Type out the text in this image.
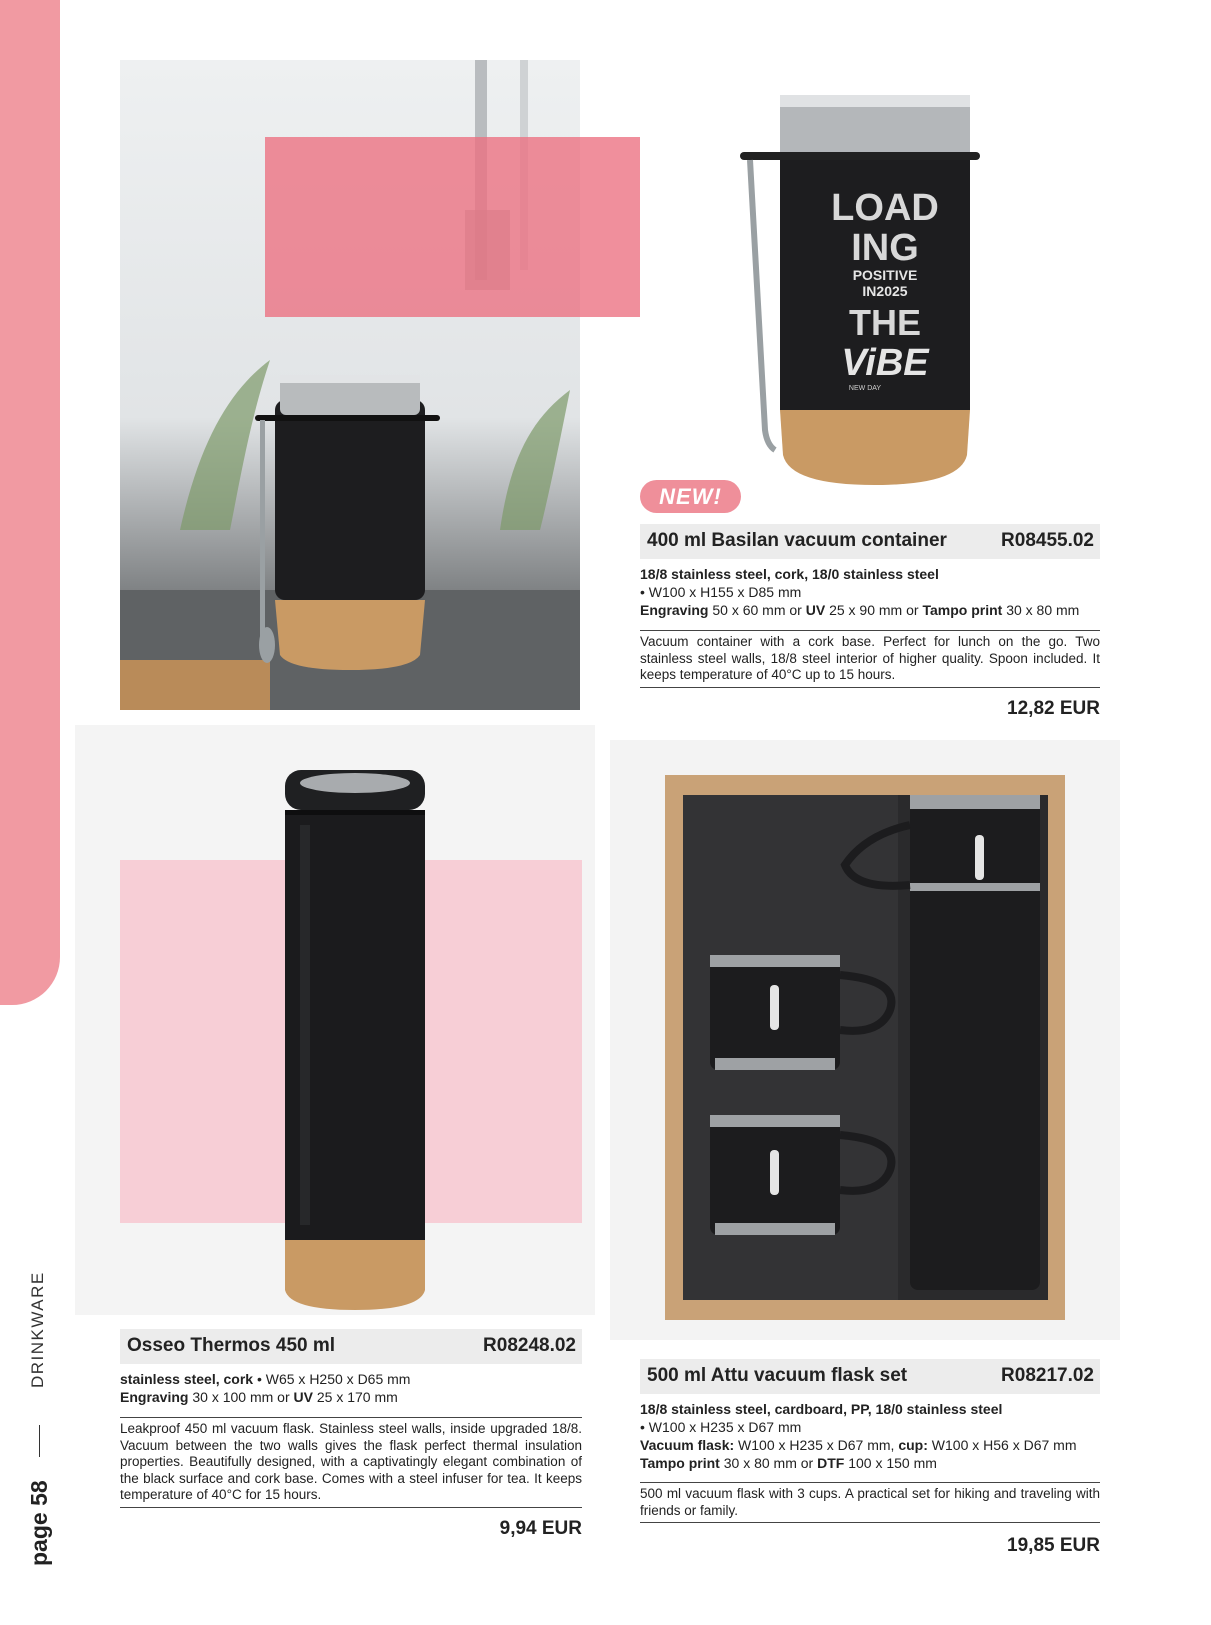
DRINKWARE
page 58
LOAD
ING
POSITIVE
IN2025
THE
ViBE
NEW DAY
NEW!
400 ml Basilan vacuum container	R08455.02
18/8 stainless steel, cork, 18/0 stainless steel
• W100 x H155 x D85 mm
Engraving 50 x 60 mm or UV 25 x 90 mm or Tampo print 30 x 80 mm
Vacuum container with a cork base. Perfect for lunch on the go. Two stainless steel walls, 18/8 steel interior of higher quality. Spoon included. It keeps temperature of 40°C up to 15 hours.
12,82 EUR
Osseo Thermos 450 ml	R08248.02
stainless steel, cork • W65 x H250 x D65 mm
Engraving 30 x 100 mm or UV 25 x 170 mm
Leakproof 450 ml vacuum flask. Stainless steel walls, inside upgraded 18/8. Vacuum between the two walls gives the flask perfect thermal insulation properties. Beautifully designed, with a captivatingly elegant combination of the black surface and cork base. Comes with a steel infuser for tea. It keeps temperature of 40°C for 15 hours.
9,94 EUR
500 ml Attu vacuum flask set	R08217.02
18/8 stainless steel, cardboard, PP, 18/0 stainless steel
• W100 x H235 x D67 mm
Vacuum flask: W100 x H235 x D67 mm, cup: W100 x H56 x D67 mm
Tampo print 30 x 80 mm or DTF 100 x 150 mm
500 ml vacuum flask with 3 cups. A practical set for hiking and traveling with friends or family.
19,85 EUR
